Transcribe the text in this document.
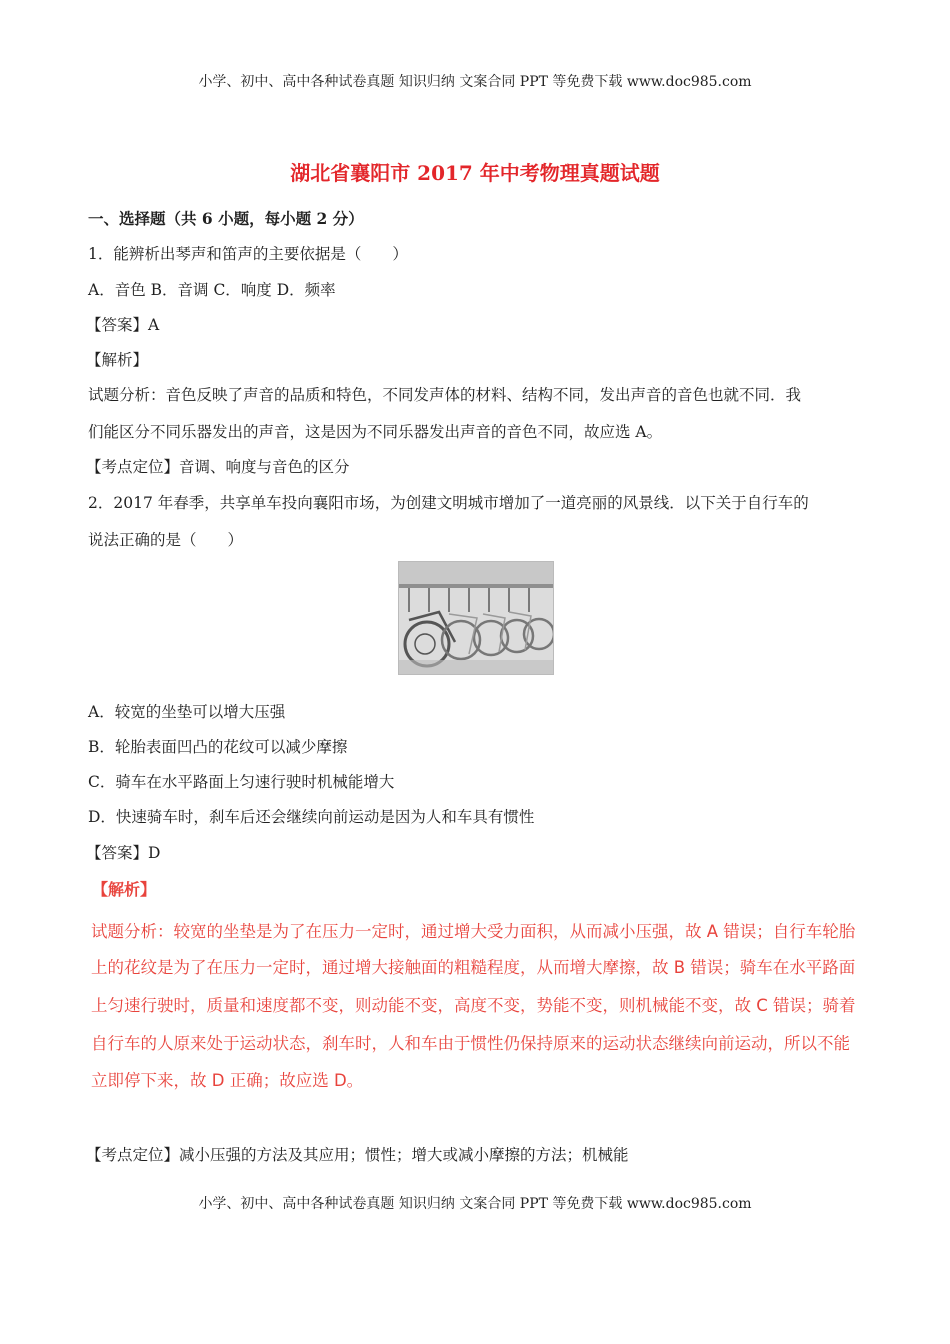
小学、初中、高中各种试卷真题 知识归纳 文案合同 PPT 等免费下载 www.doc985.com
湖北省襄阳市 2017 年中考物理真题试题
一、选择题（共 6 小题，每小题 2 分）
1．能辨析出琴声和笛声的主要依据是（　　）
A．音色 B．音调 C．响度 D．频率
【答案】A
【解析】
试题分析：音色反映了声音的品质和特色，不同发声体的材料、结构不同，发出声音的音色也就不同．我
们能区分不同乐器发出的声音，这是因为不同乐器发出声音的音色不同，故应选 A。
【考点定位】音调、响度与音色的区分
2．2017 年春季，共享单车投向襄阳市场，为创建文明城市增加了一道亮丽的风景线．以下关于自行车的
说法正确的是（　　）
A．较宽的坐垫可以增大压强
B．轮胎表面凹凸的花纹可以减少摩擦
C．骑车在水平路面上匀速行驶时机械能增大
D．快速骑车时，刹车后还会继续向前运动是因为人和车具有惯性
【答案】D
【解析】
试题分析：较宽的坐垫是为了在压力一定时，通过增大受力面积，从而减小压强，故 A 错误；自行车轮胎
上的花纹是为了在压力一定时，通过增大接触面的粗糙程度，从而增大摩擦，故 B 错误；骑车在水平路面
上匀速行驶时，质量和速度都不变，则动能不变，高度不变，势能不变，则机械能不变，故 C 错误；骑着
自行车的人原来处于运动状态，刹车时，人和车由于惯性仍保持原来的运动状态继续向前运动，所以不能
立即停下来，故 D 正确；故应选 D。
【考点定位】减小压强的方法及其应用；惯性；增大或减小摩擦的方法；机械能
小学、初中、高中各种试卷真题 知识归纳 文案合同 PPT 等免费下载 www.doc985.com
